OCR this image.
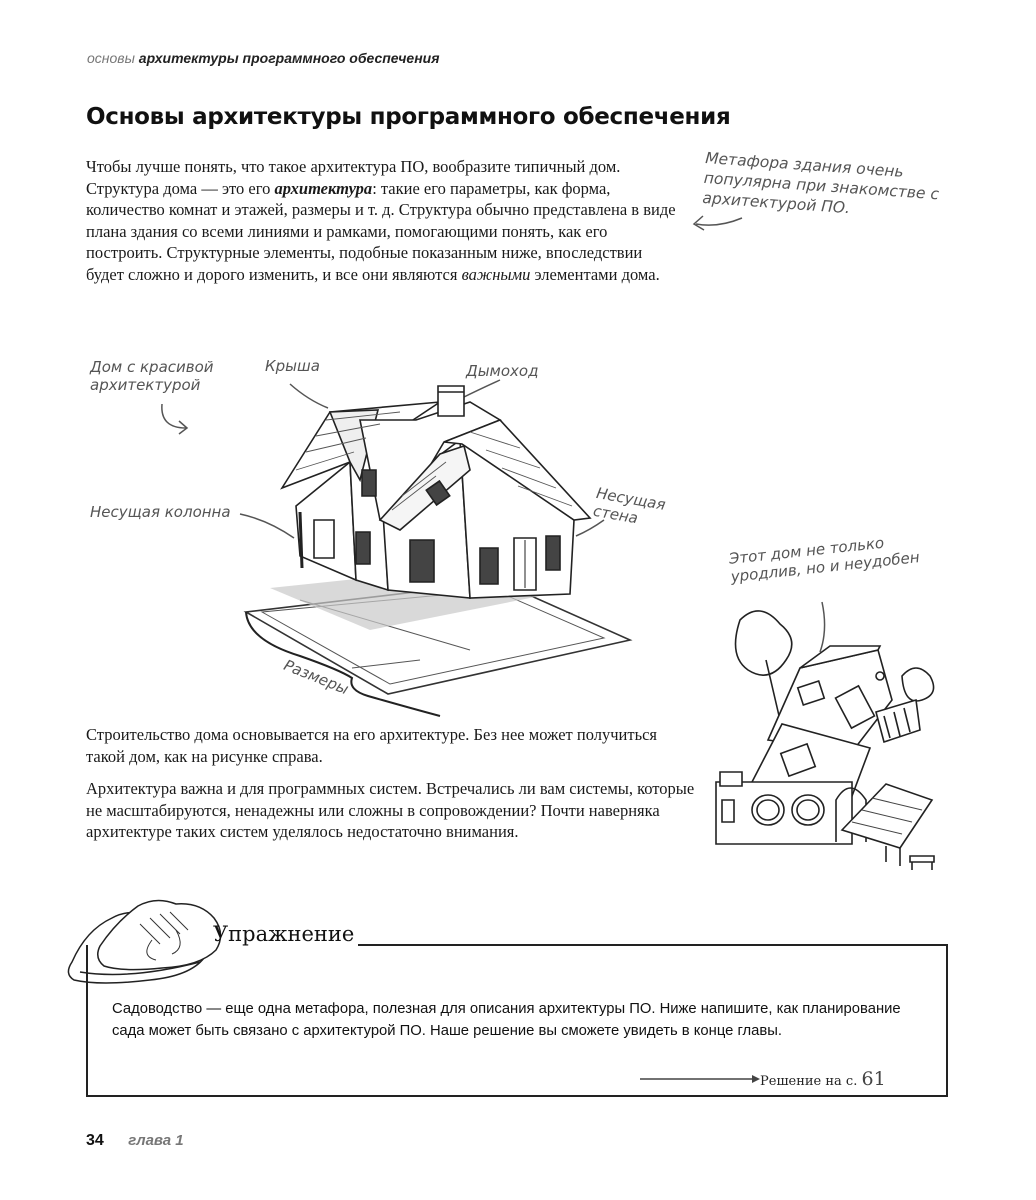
основы архитектуры программного обеспечения
Основы архитектуры программного обеспечения

Чтобы лучше понять, что такое архитектура ПО, вообразите типичный дом. Структура дома — это его архитектура: такие его параметры, как форма, количество комнат и этажей, размеры и т. д. Структура обычно представлена в виде плана здания со всеми линиями и рамками, помогающими понять, как его построить. Структурные элементы, подобные показанным ниже, впоследствии будет сложно и дорого изменить, и все они являются важными элементами дома.

Метафора здания очень популярна при знакомстве с архитектурой ПО.

Дом с красивой архитектурой
Крыша	Дымоход
Несущая колонна	Несущая стена
Размеры
Этот дом не только уродлив, но и неудобен

Строительство дома основывается на его архитектуре. Без нее может получиться такой дом, как на рисунке справа.

Архитектура важна и для программных систем. Встречались ли вам системы, которые не масштабируются, ненадежны или сложны в сопровождении? Почти наверняка архитектуре таких систем уделялось недостаточно внимания.

Упражнение

Садоводство — еще одна метафора, полезная для описания архитектуры ПО. Ниже напишите, как планирование сада может быть связано с архитектурой ПО. Наше решение вы сможете увидеть в конце главы.

Решение на с. 61
34 глава 1
